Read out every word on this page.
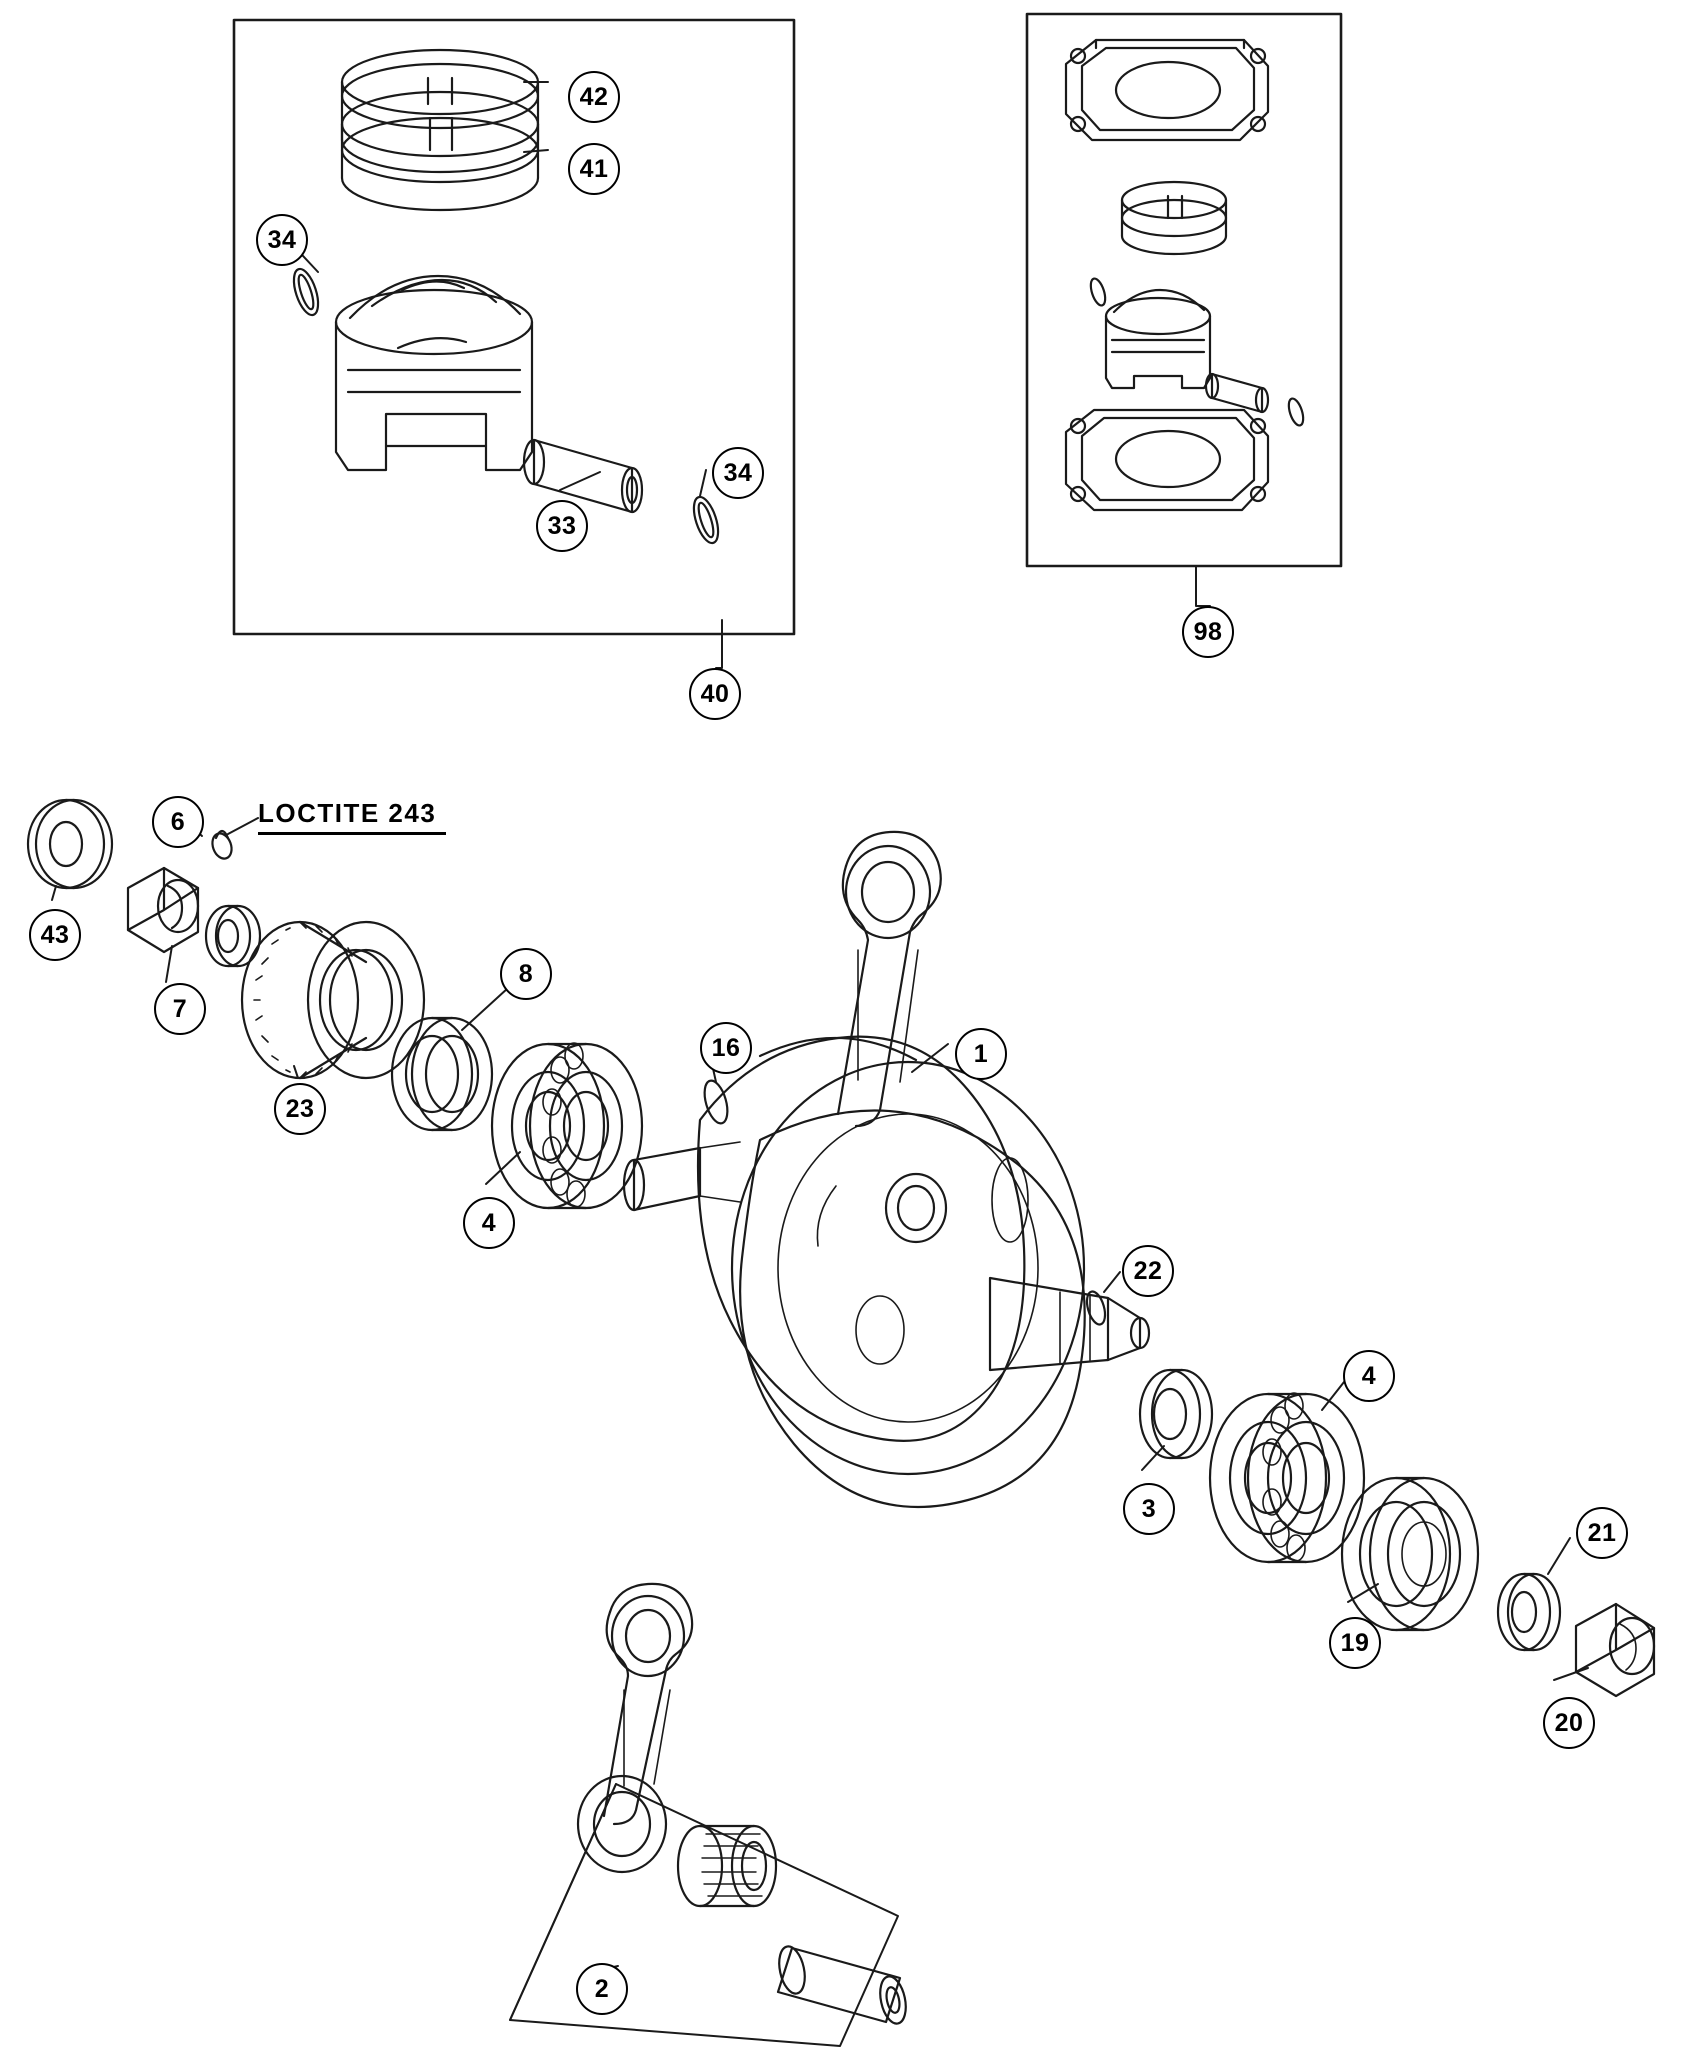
42
41
34
34
33
40
98
6
43
7
23
8
4
16	1
22
4
3
19
21
20
2
LOCTITE 243
